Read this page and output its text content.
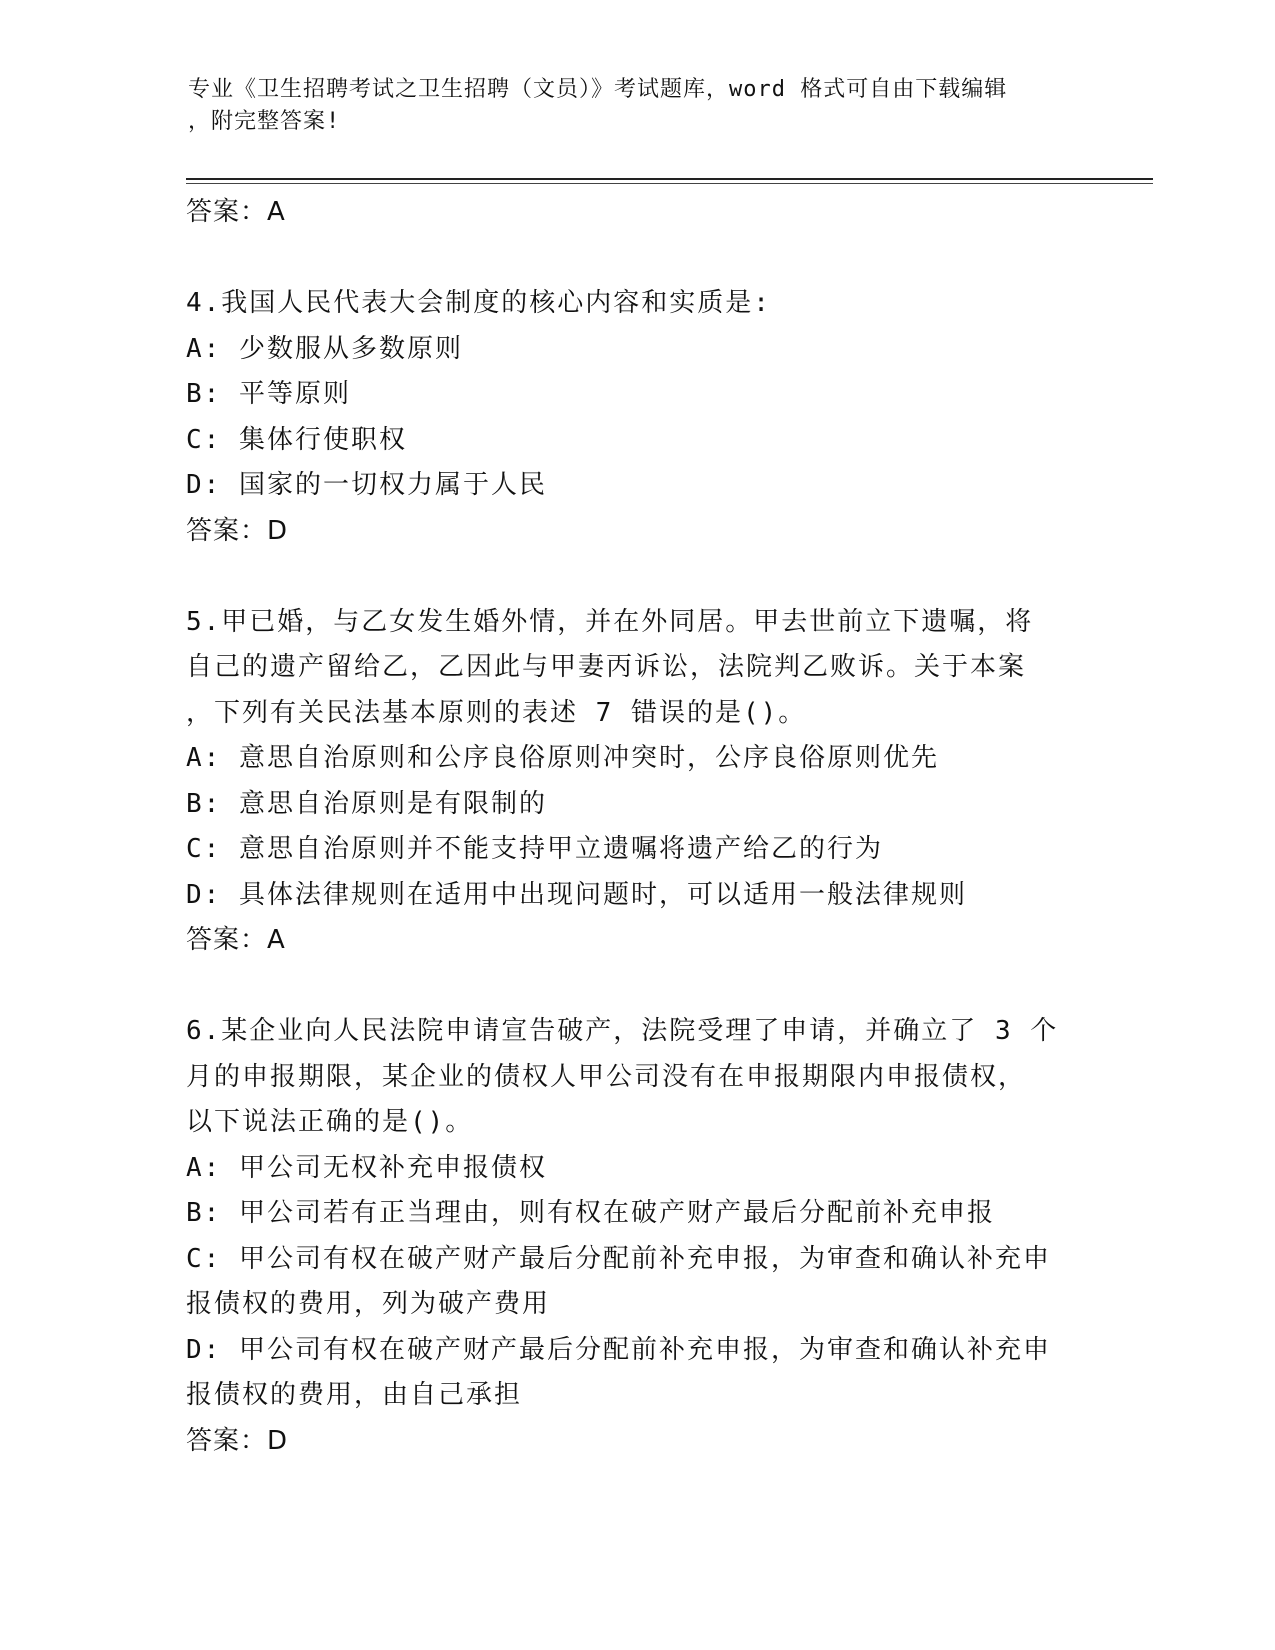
专业《卫生招聘考试之卫生招聘（文员）》考试题库，word 格式可自由下载编辑
，附完整答案!
答案：A
4.我国人民代表大会制度的核心内容和实质是:
A: 少数服从多数原则
B: 平等原则
C: 集体行使职权
D: 国家的一切权力属于人民
答案：D
5.甲已婚，与乙女发生婚外情，并在外同居。甲去世前立下遗嘱，将
自己的遗产留给乙，乙因此与甲妻丙诉讼，法院判乙败诉。关于本案
，下列有关民法基本原则的表述 7 错误的是()。
A: 意思自治原则和公序良俗原则冲突时，公序良俗原则优先
B: 意思自治原则是有限制的
C: 意思自治原则并不能支持甲立遗嘱将遗产给乙的行为
D: 具体法律规则在适用中出现问题时，可以适用一般法律规则
答案：A
6.某企业向人民法院申请宣告破产，法院受理了申请，并确立了 3 个
月的申报期限，某企业的债权人甲公司没有在申报期限内申报债权，
以下说法正确的是()。
A: 甲公司无权补充申报债权
B: 甲公司若有正当理由，则有权在破产财产最后分配前补充申报
C: 甲公司有权在破产财产最后分配前补充申报，为审查和确认补充申
报债权的费用，列为破产费用
D: 甲公司有权在破产财产最后分配前补充申报，为审查和确认补充申
报债权的费用，由自己承担
答案：D
